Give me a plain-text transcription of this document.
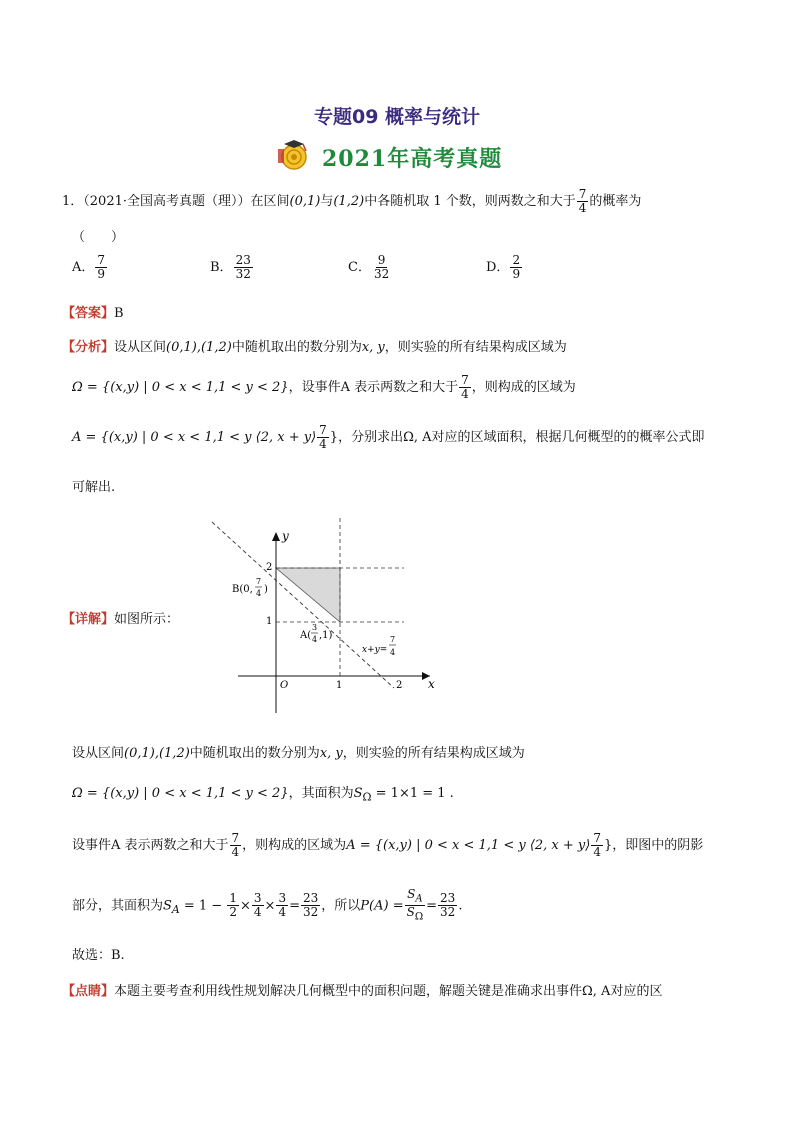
专题09 概率与统计
2021年高考真题
1．（2021·全国高考真题（理））在区间(0,1)与(1,2)中各随机取 1 个数，则两数之和大于 $\frac{7}{4}$ 的概率为
（　　）
A． $\frac{7}{9}$	B． $\frac{23}{32}$	C． $\frac{9}{32}$	D． $\frac{2}{9}$
【答案】B
【分析】设从区间(0,1),(1,2)中随机取出的数分别为x, y，则实验的所有结果构成区域为
Ω = {(x,y) | 0 < x < 1,1 < y < 2}，设事件A 表示两数之和大于 $\frac{7}{4}$ ，则构成的区域为
A = {(x,y) | 0 < x < 1,1 < y ⟨2, x + y⟩ $\frac{7}{4}$ }，分别求出Ω, A对应的区域面积，根据几何概型的的概率公式即
可解出.
【详解】如图所示：
y
x
O
2
1
1	2
B(0,
7
4 )
A(
3
4 ,1)
x+y=
7
4
设从区间(0,1),(1,2)中随机取出的数分别为x, y，则实验的所有结果构成区域为
Ω = {(x,y) | 0 < x < 1,1 < y < 2}，其面积为$S_\Omega = 1\times 1 = 1$ .
设事件A 表示两数之和大于 $\frac{7}{4}$ ，则构成的区域为A = {(x,y) | 0 < x < 1,1 < y ⟨2, x + y⟩ $\frac{7}{4}$ }，即图中的阴影
部分，其面积为$S_A = 1 - \frac{1}{2} \times \frac{3}{4} \times \frac{3}{4} = \frac{23}{32}$ ，所以$P(A) = \frac{S_A}{S_\Omega} = \frac{23}{32}$ .
故选：B.
【点睛】本题主要考查利用线性规划解决几何概型中的面积问题，解题关键是准确求出事件Ω, A对应的区
